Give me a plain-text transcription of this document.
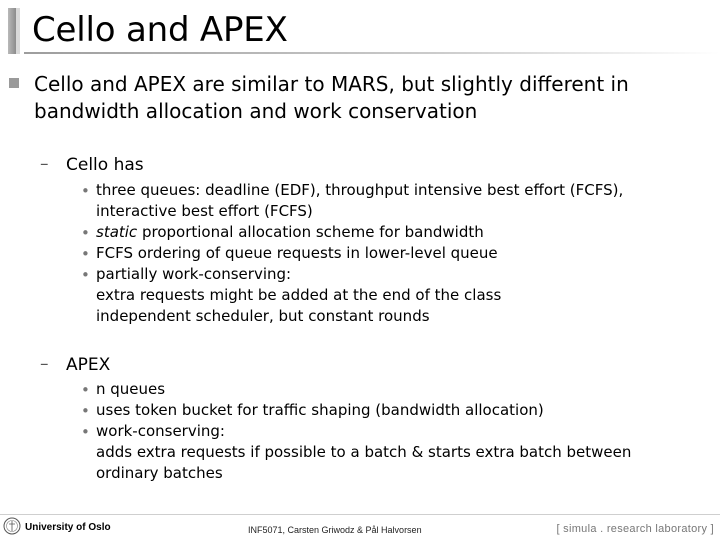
Cello and APEX
Cello and APEX are similar to MARS, but slightly different in bandwidth allocation and work conservation
–	Cello has
• three queues: deadline (EDF), throughput intensive best effort (FCFS),
interactive best effort (FCFS)
• static proportional allocation scheme for bandwidth
• FCFS ordering of queue requests in lower-level queue
• partially work-conserving:
extra requests might be added at the end of the class
independent scheduler, but constant rounds
–	APEX
• n queues
• uses token bucket for traffic shaping (bandwidth allocation)
• work-conserving:
adds extra requests if possible to a batch & starts extra batch between
ordinary batches
University of Oslo	INF5071, Carsten Griwodz & Pål Halvorsen	[ simula . research laboratory ]
